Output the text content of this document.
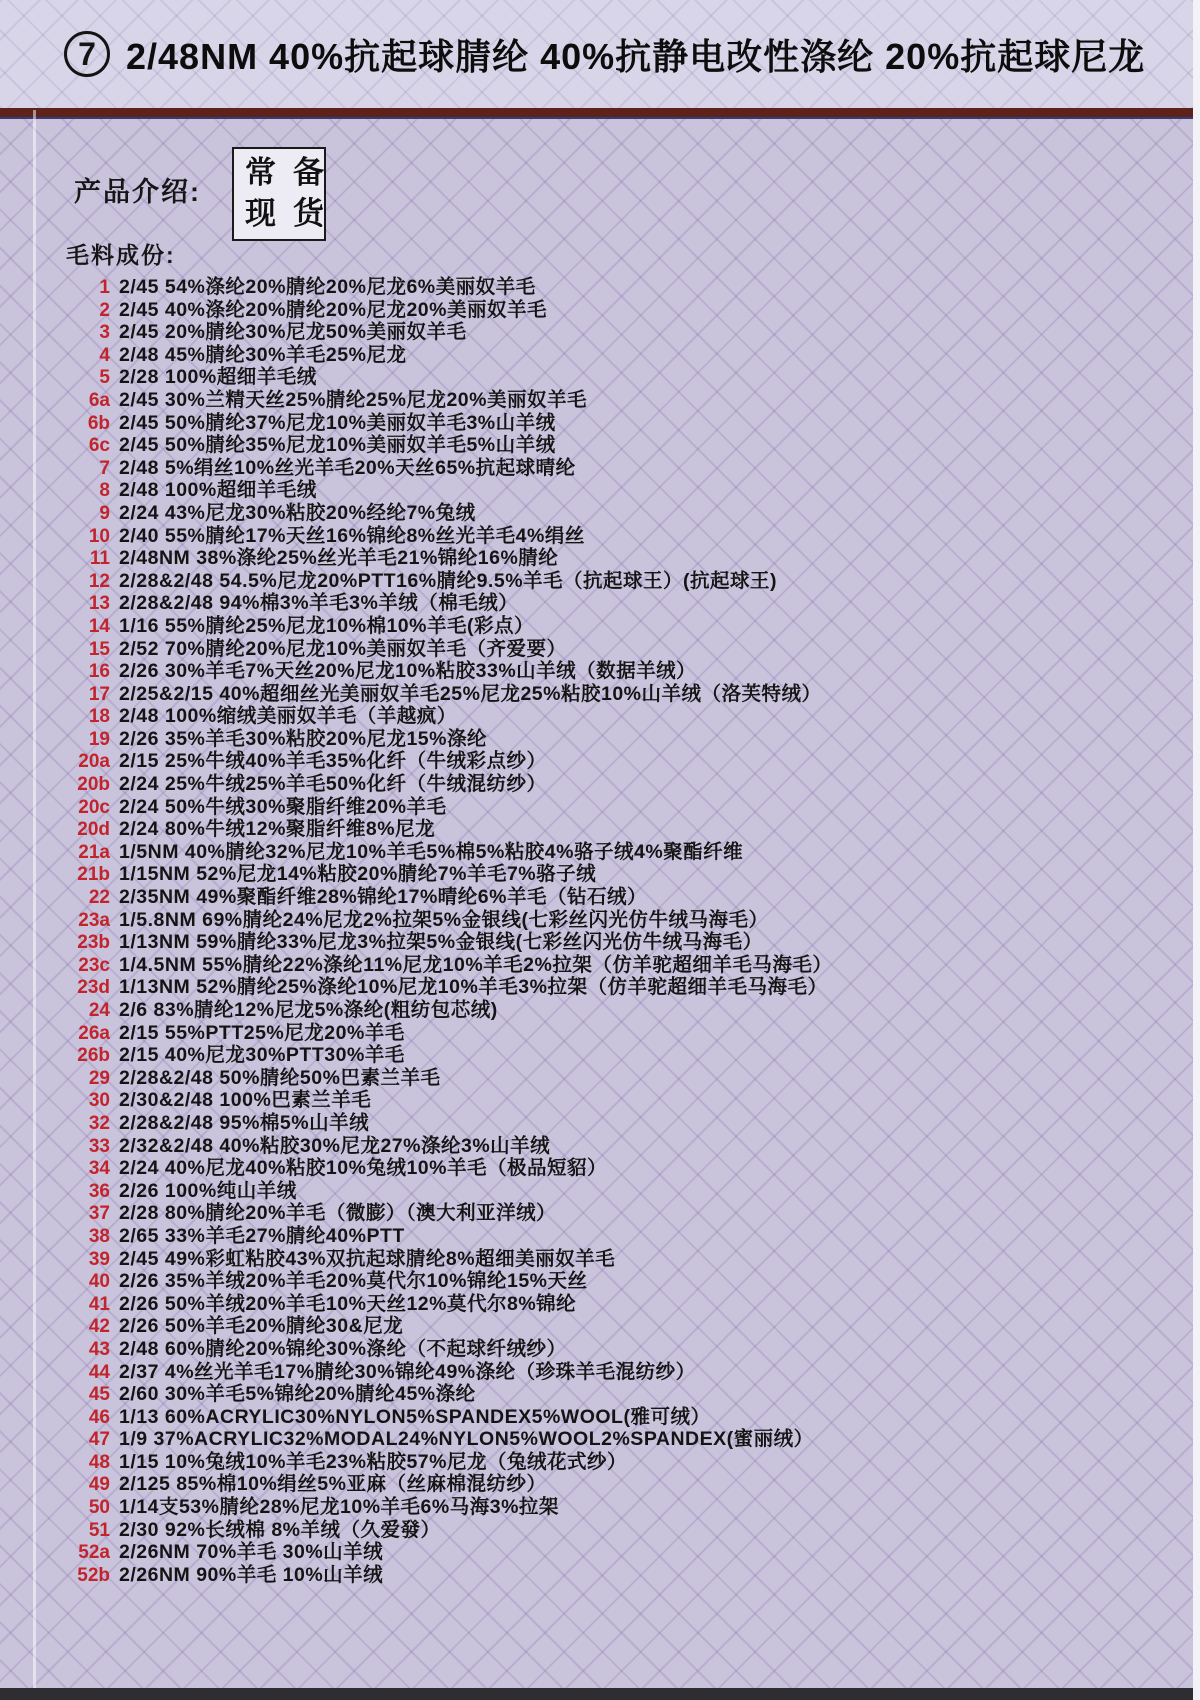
7 2/48NM 40%抗起球腈纶 40%抗静电改性涤纶 20%抗起球尼龙
产品介绍:
常备
现货
毛料成份:
1 2/45 54%涤纶20%腈纶20%尼龙6%美丽奴羊毛
2 2/45 40%涤纶20%腈纶20%尼龙20%美丽奴羊毛
3 2/45 20%腈纶30%尼龙50%美丽奴羊毛
4 2/48 45%腈纶30%羊毛25%尼龙
5 2/28 100%超细羊毛绒
6a 2/45 30%兰精天丝25%腈纶25%尼龙20%美丽奴羊毛
6b 2/45 50%腈纶37%尼龙10%美丽奴羊毛3%山羊绒
6c 2/45 50%腈纶35%尼龙10%美丽奴羊毛5%山羊绒
7 2/48 5%绢丝10%丝光羊毛20%天丝65%抗起球晴纶
8 2/48 100%超细羊毛绒
9 2/24 43%尼龙30%粘胶20%经纶7%兔绒
10 2/40 55%腈纶17%天丝16%锦纶8%丝光羊毛4%绢丝
11 2/48NM 38%涤纶25%丝光羊毛21%锦纶16%腈纶
12 2/28&2/48 54.5%尼龙20%PTT16%腈纶9.5%羊毛（抗起球王）(抗起球王)
13 2/28&2/48 94%棉3%羊毛3%羊绒（棉毛绒）
14 1/16 55%腈纶25%尼龙10%棉10%羊毛(彩点）
15 2/52 70%腈纶20%尼龙10%美丽奴羊毛（齐爱要）
16 2/26 30%羊毛7%天丝20%尼龙10%粘胶33%山羊绒（数据羊绒）
17 2/25&2/15 40%超细丝光美丽奴羊毛25%尼龙25%粘胶10%山羊绒（洛芙特绒）
18 2/48 100%缩绒美丽奴羊毛（羊越疯）
19 2/26 35%羊毛30%粘胶20%尼龙15%涤纶
20a 2/15 25%牛绒40%羊毛35%化纤（牛绒彩点纱）
20b 2/24 25%牛绒25%羊毛50%化纤（牛绒混纺纱）
20c 2/24 50%牛绒30%聚脂纤维20%羊毛
20d 2/24 80%牛绒12%聚脂纤维8%尼龙
21a 1/5NM 40%腈纶32%尼龙10%羊毛5%棉5%粘胶4%骆子绒4%聚酯纤维
21b 1/15NM 52%尼龙14%粘胶20%腈纶7%羊毛7%骆子绒
22 2/35NM 49%聚酯纤维28%锦纶17%晴纶6%羊毛（钻石绒）
23a 1/5.8NM 69%腈纶24%尼龙2%拉架5%金银线(七彩丝闪光仿牛绒马海毛）
23b 1/13NM 59%腈纶33%尼龙3%拉架5%金银线(七彩丝闪光仿牛绒马海毛）
23c 1/4.5NM 55%腈纶22%涤纶11%尼龙10%羊毛2%拉架（仿羊驼超细羊毛马海毛）
23d 1/13NM 52%腈纶25%涤纶10%尼龙10%羊毛3%拉架（仿羊驼超细羊毛马海毛）
24 2/6 83%腈纶12%尼龙5%涤纶(粗纺包芯绒)
26a 2/15 55%PTT25%尼龙20%羊毛
26b 2/15 40%尼龙30%PTT30%羊毛
29 2/28&2/48 50%腈纶50%巴素兰羊毛
30 2/30&2/48 100%巴素兰羊毛
32 2/28&2/48 95%棉5%山羊绒
33 2/32&2/48 40%粘胶30%尼龙27%涤纶3%山羊绒
34 2/24 40%尼龙40%粘胶10%兔绒10%羊毛（极品短貂）
36 2/26 100%纯山羊绒
37 2/28 80%腈纶20%羊毛（微膨）（澳大利亚洋绒）
38 2/65 33%羊毛27%腈纶40%PTT
39 2/45 49%彩虹粘胶43%双抗起球腈纶8%超细美丽奴羊毛
40 2/26 35%羊绒20%羊毛20%莫代尔10%锦纶15%天丝
41 2/26 50%羊绒20%羊毛10%天丝12%莫代尔8%锦纶
42 2/26 50%羊毛20%腈纶30&尼龙
43 2/48 60%腈纶20%锦纶30%涤纶（不起球纤绒纱）
44 2/37 4%丝光羊毛17%腈纶30%锦纶49%涤纶（珍珠羊毛混纺纱）
45 2/60 30%羊毛5%锦纶20%腈纶45%涤纶
46 1/13 60%ACRYLIC30%NYLON5%SPANDEX5%WOOL(雅可绒）
47 1/9 37%ACRYLIC32%MODAL24%NYLON5%WOOL2%SPANDEX(蜜丽绒）
48 1/15 10%兔绒10%羊毛23%粘胶57%尼龙（兔绒花式纱）
49 2/125 85%棉10%绢丝5%亚麻（丝麻棉混纺纱）
50 1/14支53%腈纶28%尼龙10%羊毛6%马海3%拉架
51 2/30 92%长绒棉 8%羊绒（久爱發）
52a 2/26NM 70%羊毛 30%山羊绒
52b 2/26NM 90%羊毛 10%山羊绒
